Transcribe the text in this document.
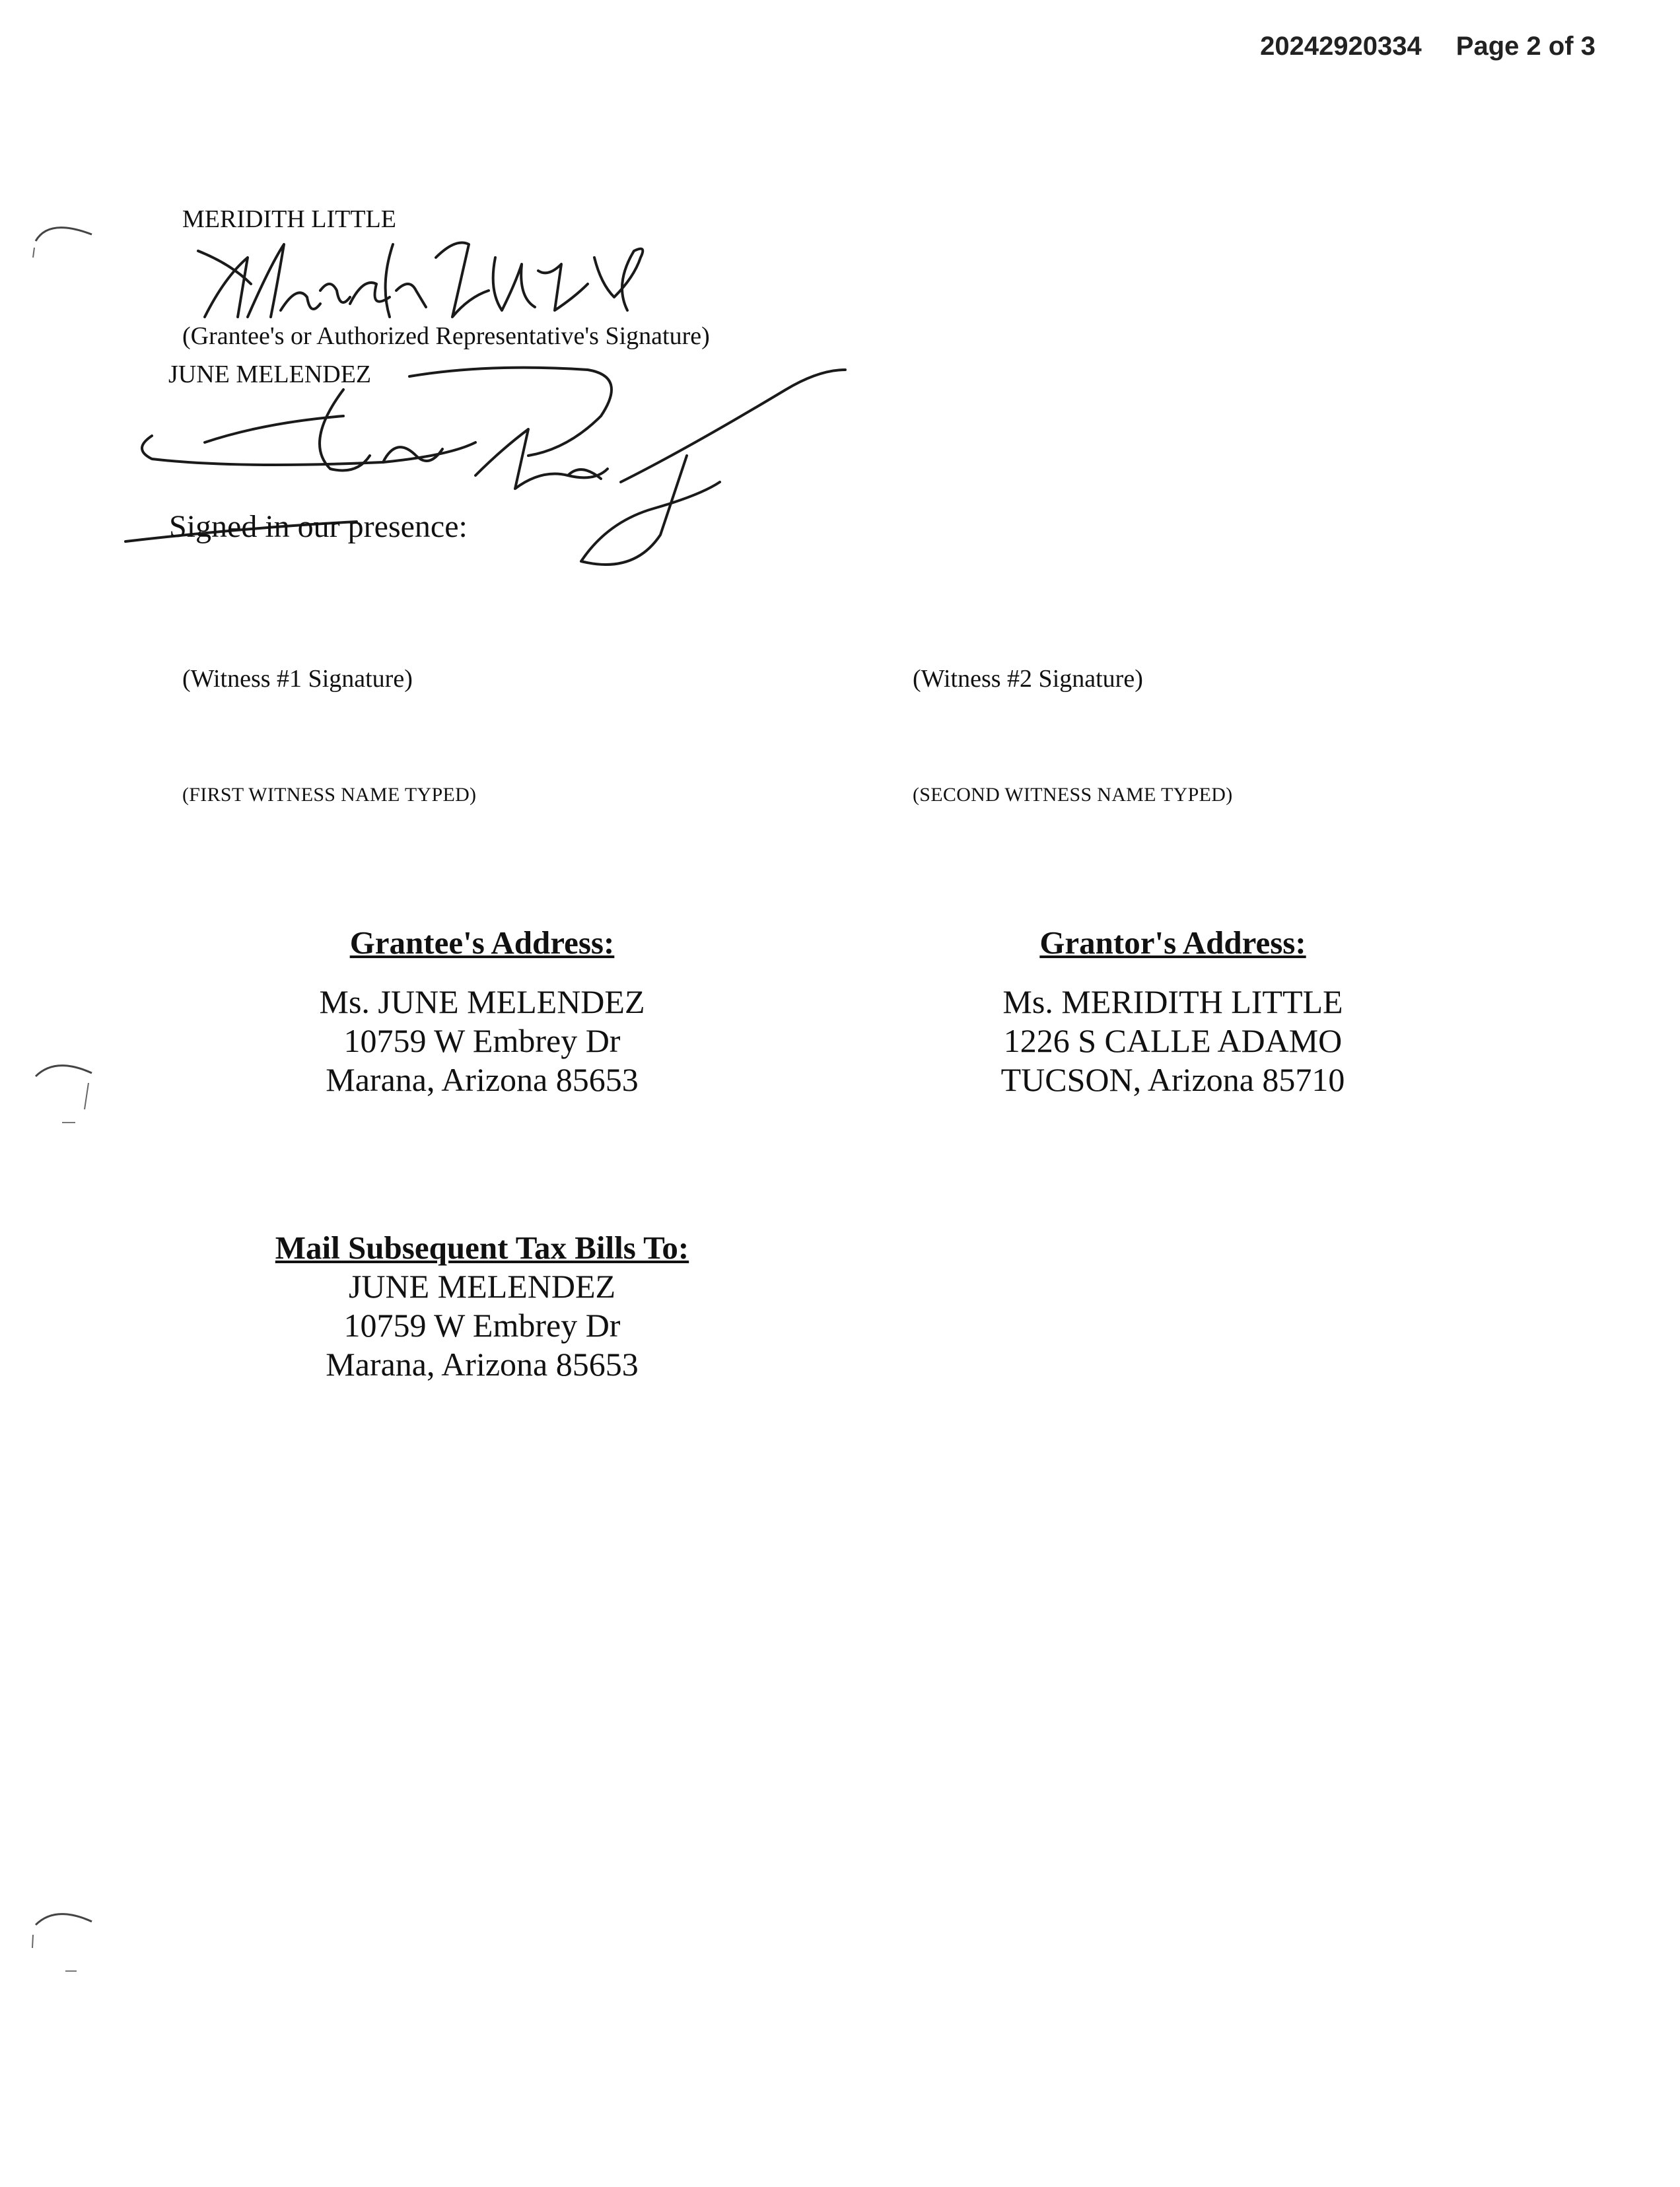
20242920334 Page 2 of 3
MERIDITH LITTLE
(Grantee's or Authorized Representative's Signature)
JUNE MELENDEZ
Signed in our presence:
(Witness #1 Signature)	(Witness #2 Signature)
(FIRST WITNESS NAME TYPED)	(SECOND WITNESS NAME TYPED)
Grantee's Address:
Ms. JUNE MELENDEZ
10759 W Embrey Dr
Marana, Arizona 85653
Grantor's Address:
Ms. MERIDITH LITTLE
1226 S CALLE ADAMO
TUCSON, Arizona 85710
Mail Subsequent Tax Bills To:
JUNE MELENDEZ
10759 W Embrey Dr
Marana, Arizona 85653
